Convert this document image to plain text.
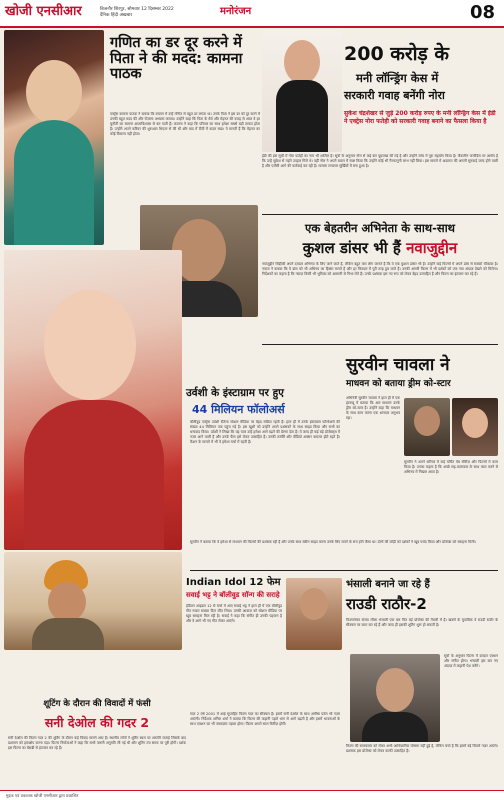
खोजी एनसीआर	बिजनौर शिरपुर, सोमवार 12 दिसम्बर 2022
दैनिक हिंदी अखबार	मनोरंजन	08
गणित का डर दूर करने में पिता ने की मदद: कामना पाठक
एक्ट्रेस कामना पाठक ने बताया कि बचपन में उन्हें गणित से बहुत डर लगता था। उनके पिता ने इस डर को दूर करने में उनकी बहुत मदद की और रोज़ाना अभ्यास कराया। उन्होंने कहा कि पिता के धैर्य और मेहनत की वजह से आज वे हर चुनौती का सामना आत्मविश्वास से कर पाती हैं। कामना ने कहा कि परिवार का साथ हमेशा सबसे बड़ी ताकत होता है। उन्होंने अपने करियर की शुरुआत थिएटर से की थी और बाद में टीवी में कदम रखा। वे मानती हैं कि मेहनत का कोई विकल्प नहीं होता।
200 करोड़ के
मनी लॉन्ड्रिंग केस में
सरकारी गवाह बनेंगी नोरा
सुकेश चंद्रशेखर से जुड़े 200 करोड़ रुपए के मनी लॉन्ड्रिंग केस में ईडी ने एक्ट्रेस नोरा फतेही को सरकारी गवाह बनाने का फैसला किया है
ईडी की इस सूची में नोरा फतेही का नाम भी शामिल है। सूत्रों के अनुसार नोरा से कई बार पूछताछ की गई है और उन्होंने जांच में पूरा सहयोग किया है। जैकलीन फर्नांडिस पर आरोप है कि उन्हें सुकेश से महंगे उपहार मिले थे। वहीं नोरा ने अपने बयान में स्पष्ट किया कि उन्होंने कोई भी गैरकानूनी लाभ नहीं लिया। इस मामले में अदालत की अगली सुनवाई जल्द होने वाली है और एजेंसी आगे की कार्रवाई कर रही है। मामला लगातार सुर्खियों में बना हुआ है।
एक बेहतरीन अभिनेता के साथ-साथ
कुशल डांसर भी हैं नवाजुद्दीन
नवाजुद्दीन सिद्दीकी अपने दमदार अभिनय के लिए जाने जाते हैं, लेकिन बहुत कम लोग जानते हैं कि वे एक कुशल डांसर भी हैं। उन्होंने कई फिल्मों में अपने डांस से सबको चौंकाया है। नवाज ने बताया कि वे डांस को भी अभिनय का हिस्सा मानते हैं और हर किरदार में पूरी तरह डूब जाते हैं। उनकी अगली फिल्म में भी दर्शकों को एक नया अंदाज़ देखने को मिलेगा। निर्देशकों का कहना है कि नवाज़ किसी भी भूमिका को आसानी से निभा लेते हैं। उनके प्रशंसक इस नए रूप को लेकर बेहद उत्साहित हैं और फिल्म का इंतजार कर रहे हैं।
उर्वशी के इंस्टाग्राम पर हुए
44 मिलियन फॉलोअर्स
बॉलीवुड एक्ट्रेस उर्वशी रौतेला सोशल मीडिया पर बेहद सक्रिय रहती हैं। हाल ही में उनके इंस्टाग्राम फॉलोअर्स की संख्या 44 मिलियन तक पहुंच गई है। इस खुशी को उन्होंने अपने प्रशंसकों के साथ साझा किया और सभी का धन्यवाद किया। उर्वशी ने लिखा कि यह प्यार उन्हें हमेशा आगे बढ़ने की प्रेरणा देता है। वे जल्द ही कई बड़े प्रोजेक्ट्स में नज़र आने वाली हैं और उनके फैंस इसे लेकर उत्साहित हैं। उनकी तस्वीरें और वीडियो अक्सर वायरल होते रहते हैं। फैशन के मामले में भी वे हमेशा चर्चा में रहती हैं।
सुरवीन चावला ने
माधवन को बताया ड्रीम को-स्टार
अभिनेत्री सुरवीन चावला ने हाल ही में एक इंटरव्यू में बताया कि आर माधवन उनके ड्रीम को-स्टार हैं। उन्होंने कहा कि माधवन के साथ काम करना एक शानदार अनुभव रहा।
सुरवीन ने अपने करियर में कई चर्चित वेब सीरीज़ और फिल्मों में काम किया है। उनका कहना है कि अच्छे सह-कलाकार के साथ काम करने से अभिनय में निखार आता है।
सुरवीन ने बताया कि वे हमेशा से माधवन की फिल्मों की प्रशंसक रही हैं और उनके साथ स्क्रीन साझा करना उनके लिए सपने के सच होने जैसा था। दोनों की जोड़ी को दर्शकों ने खूब पसंद किया और प्रोजेक्ट को सराहना मिली।
Indian Idol 12 फेम
सवाई भट्ट ने बॉलीवुड सॉन्ग की सराहे
इंडियन आइडल 12 से चर्चा में आए सवाई भट्ट ने हाल ही में एक बॉलीवुड गीत गाकर सबका दिल जीत लिया। उनकी आवाज़ को सोशल मीडिया पर खूब सराहना मिल रही है। सवाई ने कहा कि संगीत ही उनकी पहचान है और वे आगे भी नए गीत लेकर आएंगे।
भंसाली बनाने जा रहे हैं
राउडी राठौर-2
फिल्ममेकर संजय लीला भंसाली एक बार फिर बड़े प्रोजेक्ट की तैयारी में हैं। खबरों के मुताबिक वे राउडी राठौर के सीक्वल पर काम कर रहे हैं और जल्द ही इसकी शूटिंग शुरू हो सकती है।
सूत्रों के अनुसार फिल्म में दमदार एक्शन और संगीत होगा। भंसाली इस बार नए अंदाज़ में कहानी पेश करेंगे।
फिल्म की स्टारकास्ट को लेकर अभी आधिकारिक घोषणा नहीं हुई है, लेकिन चर्चा है कि इसमें बड़े सितारे नज़र आएंगे। प्रशंसक इस प्रोजेक्ट को लेकर काफी उत्साहित हैं।
शूटिंग के दौरान की विवादों में फंसी
सनी देओल की गदर 2
सनी देओल की फिल्म गदर 2 की शूटिंग के दौरान कई विवाद सामने आए हैं। स्थानीय लोगों ने शूटिंग स्थल पर आपत्ति जताई जिसके बाद प्रशासन को हस्तक्षेप करना पड़ा। फिल्म निर्माताओं ने कहा कि सभी जरूरी अनुमति ली गई थी और शूटिंग तय समय पर पूरी होगी। दर्शक इस फिल्म का बेसब्री से इंतजार कर रहे हैं।
गदर 2 वर्ष 2001 में आई सुपरहिट फिल्म गदर का सीक्वल है। इसमें सनी देओल के साथ अमीषा पटेल भी नज़र आएंगी। निर्देशक अनिल शर्मा ने बताया कि फिल्म की कहानी पहले भाग से आगे बढ़ती है और इसमें भावनाओं के साथ एक्शन का भी जबरदस्त तड़का होगा। फिल्म अगले साल रिलीज़ होगी।
मुद्रक एवं प्रकाशक खोजी एनसीआर द्वारा प्रकाशित
